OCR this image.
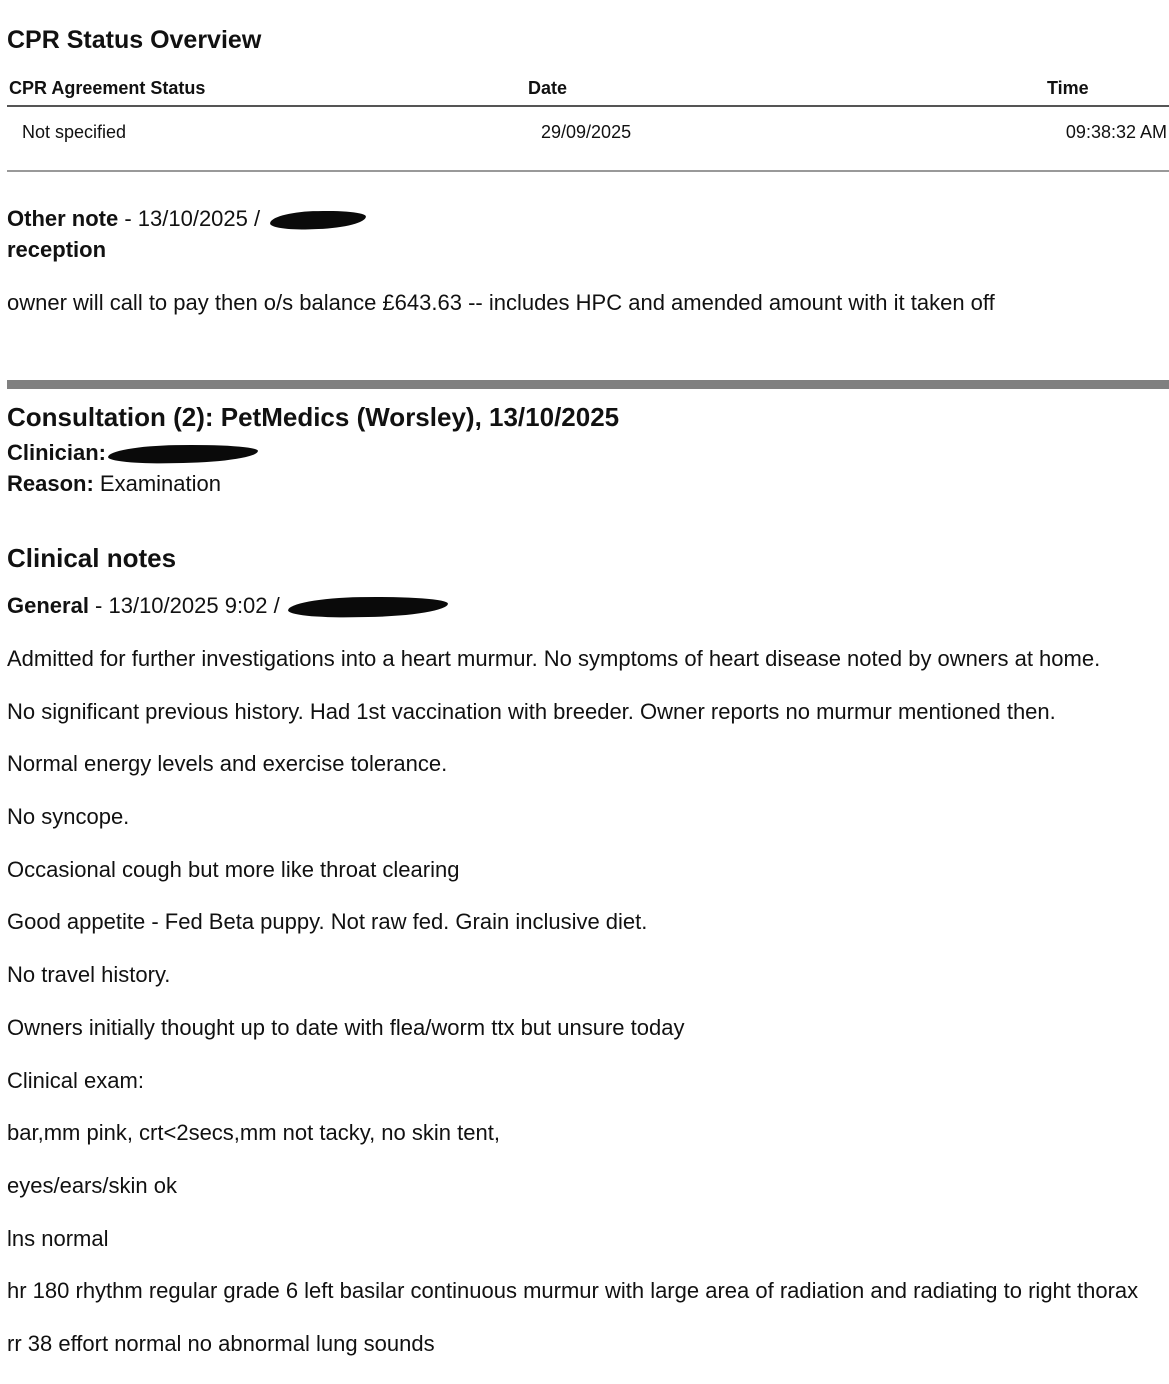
CPR Status Overview
CPR Agreement Status	Date	Time
Not specified	29/09/2025	09:38:32 AM
Other note - 13/10/2025 /
reception
owner will call to pay then o/s balance £643.63 -- includes HPC and amended amount with it taken off
Consultation (2): PetMedics (Worsley), 13/10/2025
Clinician:
Reason: Examination
Clinical notes
General - 13/10/2025 9:02 /
Admitted for further investigations into a heart murmur. No symptoms of heart disease noted by owners at home.
No significant previous history. Had 1st vaccination with breeder. Owner reports no murmur mentioned then.
Normal energy levels and exercise tolerance.
No syncope.
Occasional cough but more like throat clearing
Good appetite - Fed Beta puppy. Not raw fed. Grain inclusive diet.
No travel history.
Owners initially thought up to date with flea/worm ttx but unsure today
Clinical exam:
bar,mm pink, crt<2secs,mm not tacky, no skin tent,
eyes/ears/skin ok
lns normal
hr 180 rhythm regular grade 6 left basilar continuous murmur with large area of radiation and radiating to right thorax
rr 38 effort normal no abnormal lung sounds
